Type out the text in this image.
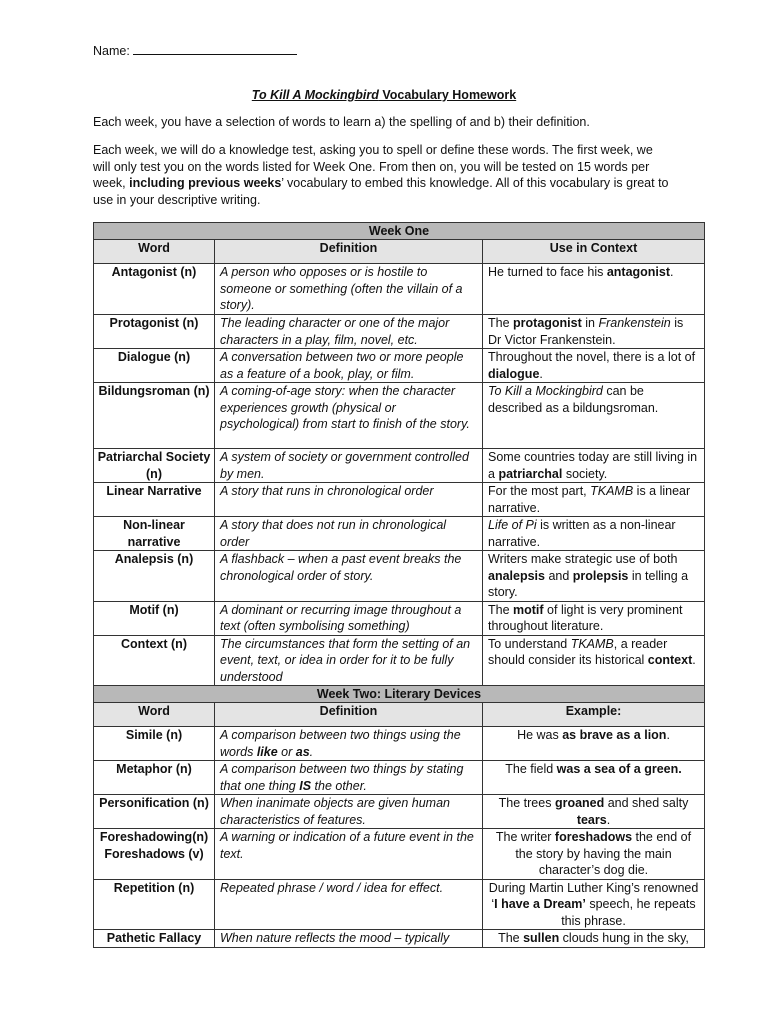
Name:
To Kill A Mockingbird Vocabulary Homework
Each week, you have a selection of words to learn a) the spelling of and b) their definition.
Each week, we will do a knowledge test, asking you to spell or define these words. The first week, we will only test you on the words listed for Week One. From then on, you will be tested on 15 words per week, including previous weeks’ vocabulary to embed this knowledge. All of this vocabulary is great to use in your descriptive writing.
Week One		
Word	Definition	Use in Context
Antagonist (n)	A person who opposes or is hostile to someone or something (often the villain of a story).	He turned to face his antagonist.
Protagonist (n)	The leading character or one of the major characters in a play, film, novel, etc.	The protagonist in Frankenstein is Dr Victor Frankenstein.
Dialogue (n)	A conversation between two or more people as a feature of a book, play, or film.	Throughout the novel, there is a lot of dialogue.
Bildungsroman (n)	A coming-of-age story: when the character experiences growth (physical or psychological) from start to finish of the story.	To Kill a Mockingbird can be described as a bildungsroman.
Patriarchal Society (n)	A system of society or government controlled by men.	Some countries today are still living in a patriarchal society.
Linear Narrative	A story that runs in chronological order	For the most part, TKAMB is a linear narrative.
Non-linear narrative	A story that does not run in chronological order	Life of Pi is written as a non-linear narrative.
Analepsis (n)	A flashback – when a past event breaks the chronological order of story.	Writers make strategic use of both analepsis and prolepsis in telling a story.
Motif (n)	A dominant or recurring image throughout a text (often symbolising something)	The motif of light is very prominent throughout literature.
Context (n)	The circumstances that form the setting of an event, text, or idea in order for it to be fully understood	To understand TKAMB, a reader should consider its historical context.
Week Two: Literary Devices		
Word	Definition	Example:
Simile (n)	A comparison between two things using the words like or as.	He was as brave as a lion.
Metaphor (n)	A comparison between two things by stating that one thing IS the other.	The field was a sea of a green.
Personification (n)	When inanimate objects are given human characteristics of features.	The trees groaned and shed salty tears.
Foreshadowing(n)
Foreshadows (v)	A warning or indication of a future event in the text.	The writer foreshadows the end of the story by having the main character’s dog die.
Repetition (n)	Repeated phrase / word / idea for effect.	During Martin Luther King’s renowned ‘I have a Dream’ speech, he repeats this phrase.
Pathetic Fallacy	When nature reflects the mood – typically	The sullen clouds hung in the sky,
